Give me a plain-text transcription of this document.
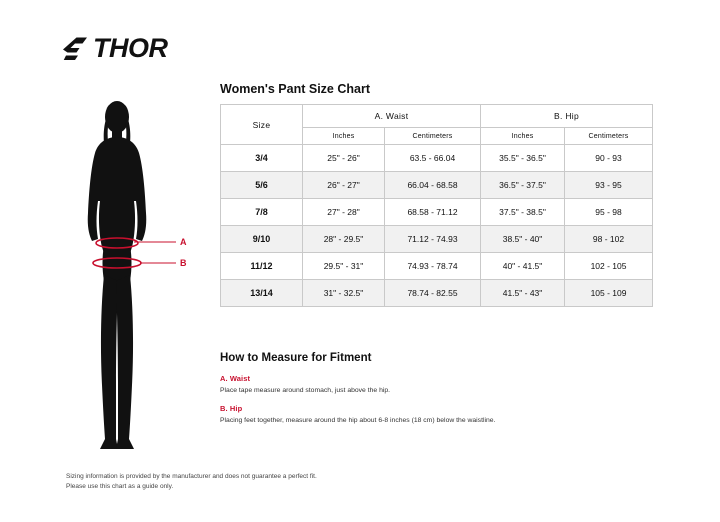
THOR
A
B
Women's Pant Size Chart
Size	A. Waist		B. Hip	
	Inches	Centimeters	Inches	Centimeters
3/4	25" - 26"	63.5 - 66.04	35.5" - 36.5"	90 - 93
5/6	26" - 27"	66.04 - 68.58	36.5" - 37.5"	93 - 95
7/8	27" - 28"	68.58 - 71.12	37.5" - 38.5"	95 - 98
9/10	28" - 29.5"	71.12 - 74.93	38.5" - 40"	98 - 102
11/12	29.5" - 31"	74.93 - 78.74	40" - 41.5"	102 - 105
13/14	31" - 32.5"	78.74 - 82.55	41.5" - 43"	105 - 109
How to Measure for Fitment

A. Waist

Place tape measure around stomach, just above the hip.

B. Hip

Placing feet together, measure around the hip about 6-8 inches (18 cm) below the waistline.

Sizing information is provided by the manufacturer and does not guarantee a perfect fit.
Please use this chart as a guide only.
